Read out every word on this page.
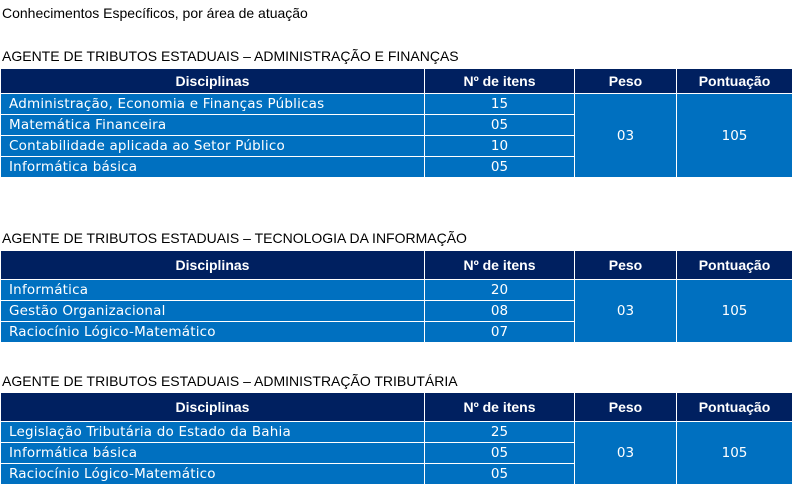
Conhecimentos Específicos, por área de atuação
AGENTE DE TRIBUTOS ESTADUAIS – ADMINISTRAÇÃO E FINANÇAS
Disciplinas	Nº de itens	Peso	Pontuação
Administração, Economia e Finanças Públicas	15	03	105
Matemática Financeira	05		
Contabilidade aplicada ao Setor Público	10		
Informática básica	05		
AGENTE DE TRIBUTOS ESTADUAIS – TECNOLOGIA DA INFORMAÇÃO
Disciplinas	Nº de itens	Peso	Pontuação
Informática	20	03	105
Gestão Organizacional	08		
Raciocínio Lógico-Matemático	07		
AGENTE DE TRIBUTOS ESTADUAIS – ADMINISTRAÇÃO TRIBUTÁRIA
Disciplinas	Nº de itens	Peso	Pontuação
Legislação Tributária do Estado da Bahia	25	03	105
Informática básica	05		
Raciocínio Lógico-Matemático	05		
